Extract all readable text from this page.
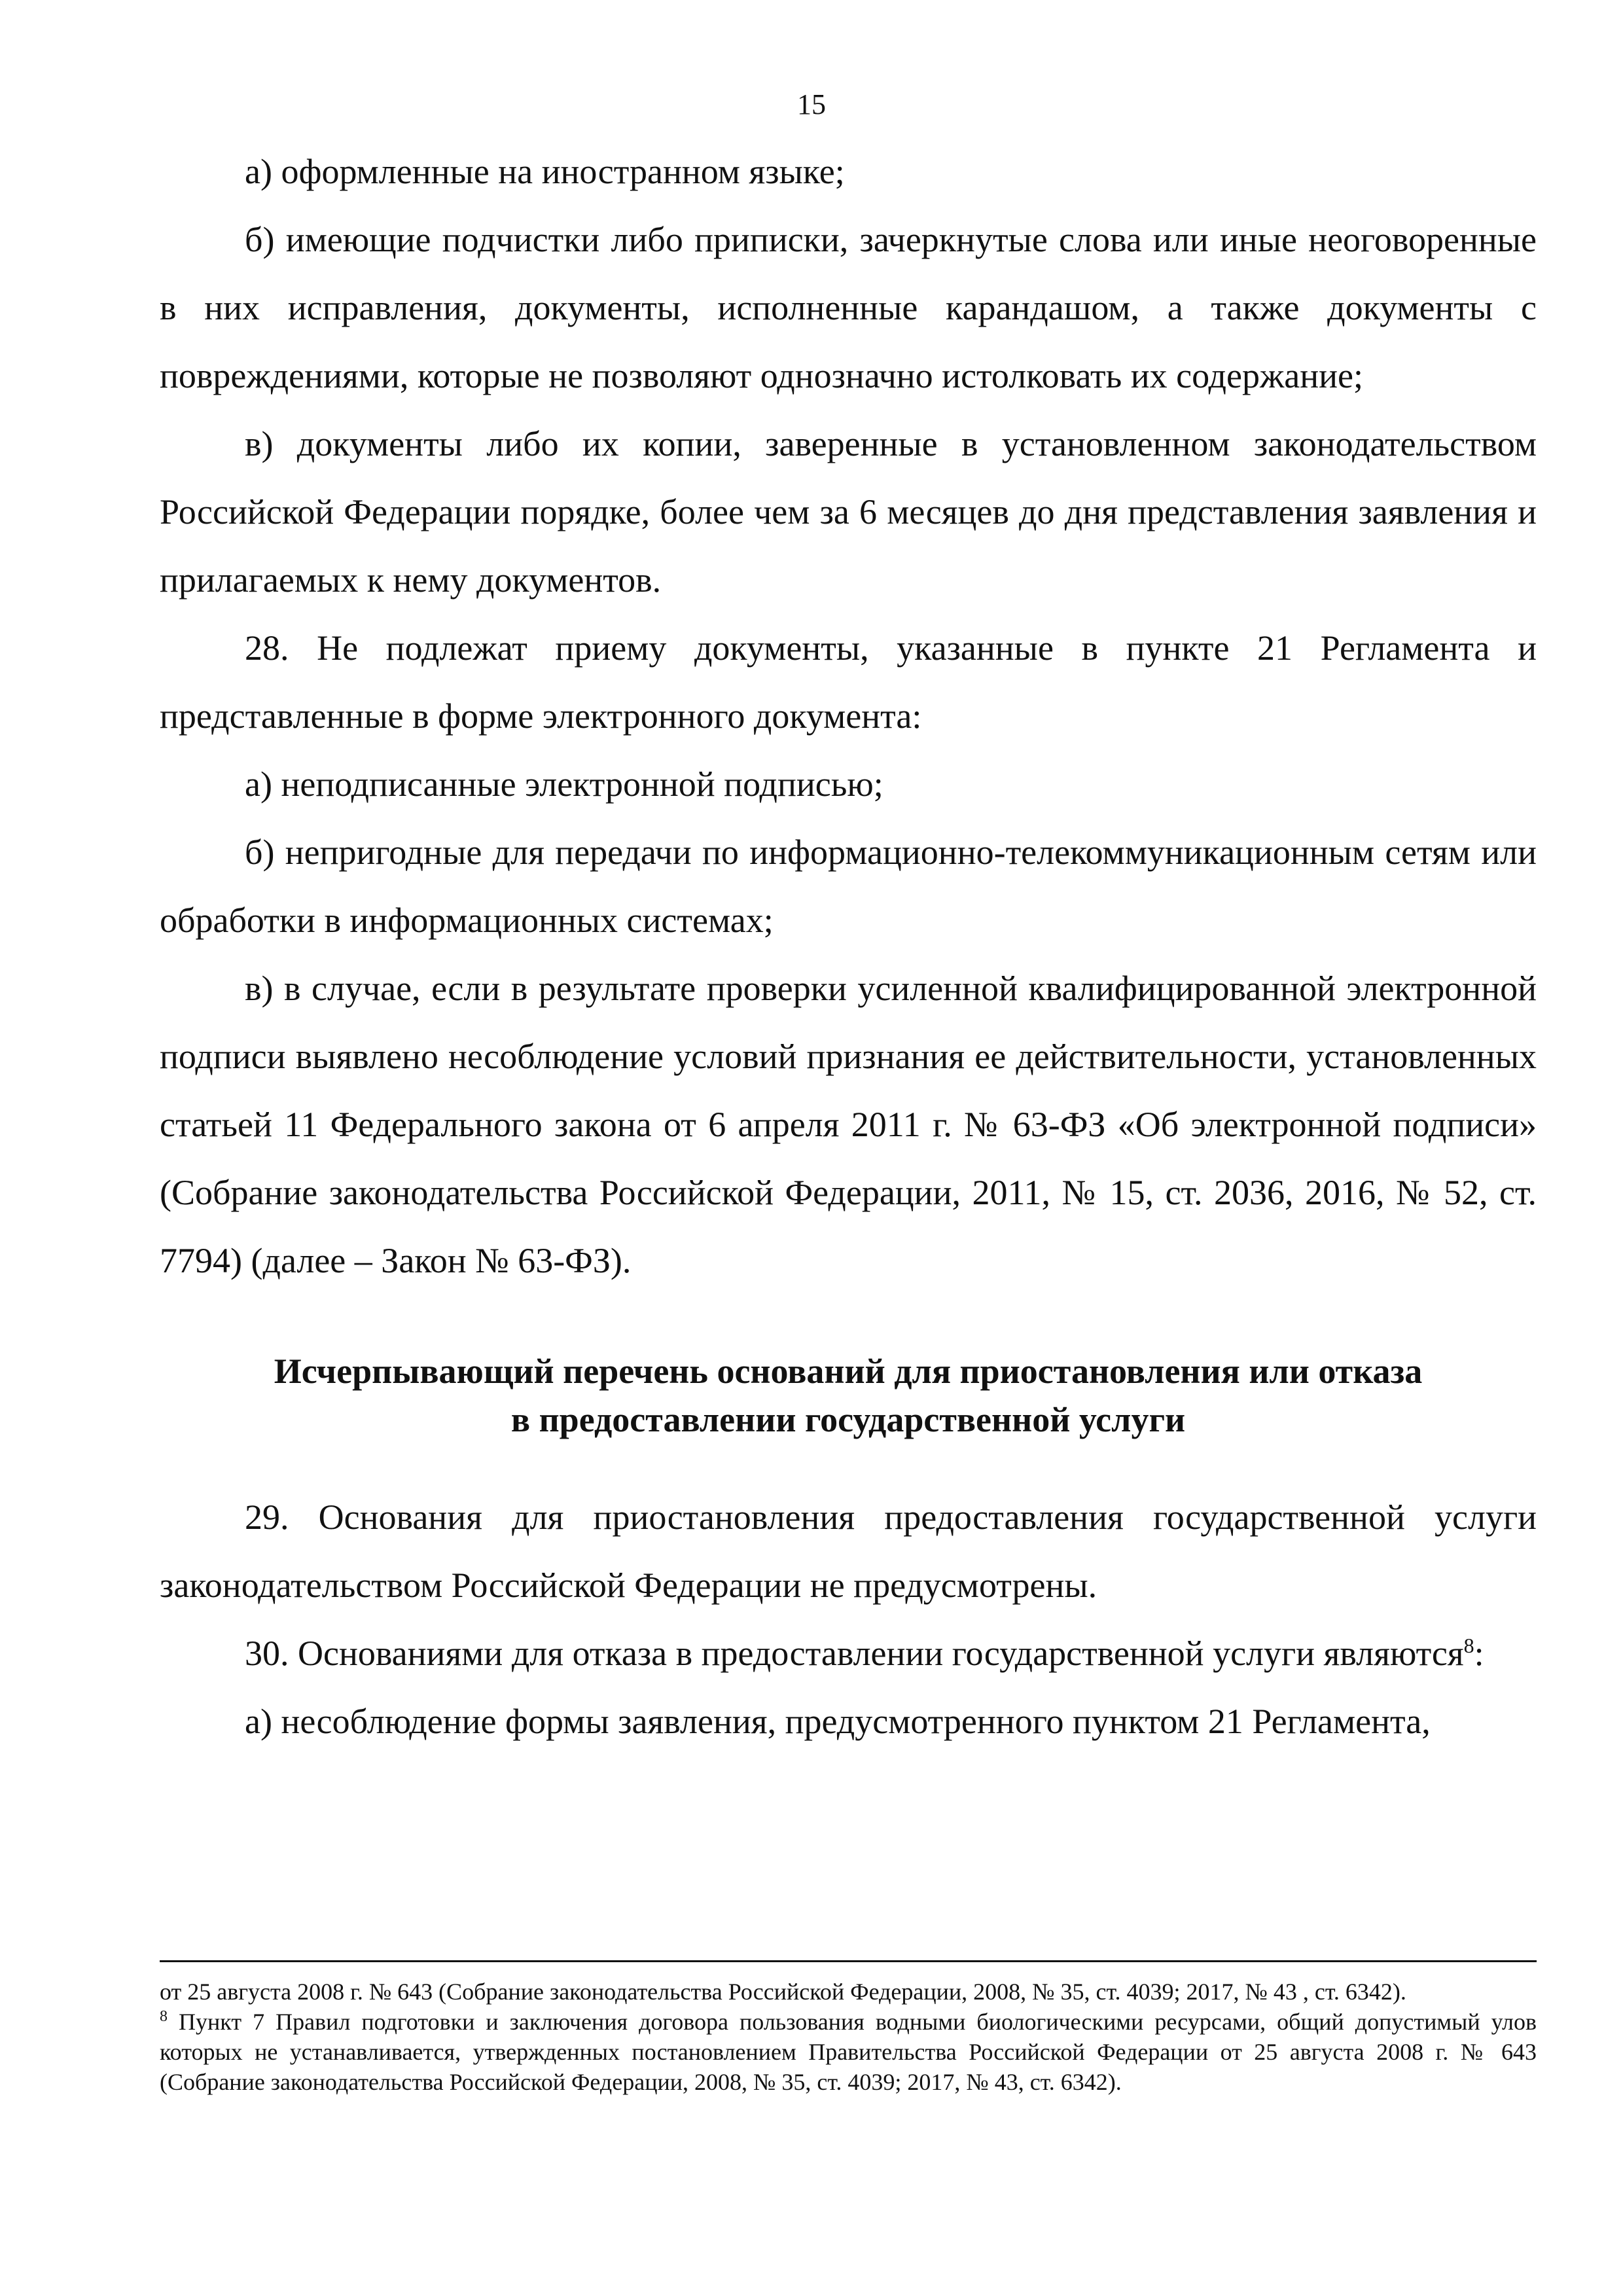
15

а) оформленные на иностранном языке;

б) имеющие подчистки либо приписки, зачеркнутые слова или иные неоговоренные в них исправления, документы, исполненные карандашом, а также документы с повреждениями, которые не позволяют однозначно истолковать их содержание;

в) документы либо их копии, заверенные в установленном законодательством Российской Федерации порядке, более чем за 6 месяцев до дня представления заявления и прилагаемых к нему документов.

28. Не подлежат приему документы, указанные в пункте 21 Регламента и представленные в форме электронного документа:

а) неподписанные электронной подписью;

б) непригодные для передачи по информационно-телекоммуникационным сетям или обработки в информационных системах;

в) в случае, если в результате проверки усиленной квалифицированной электронной подписи выявлено несоблюдение условий признания ее действительности, установленных статьей 11 Федерального закона от 6 апреля 2011 г. № 63-ФЗ «Об электронной подписи» (Собрание законодательства Российской Федерации, 2011, № 15, ст. 2036, 2016, № 52, ст. 7794) (далее – Закон № 63-ФЗ).

Исчерпывающий перечень оснований для приостановления или отказа
в предоставлении государственной услуги

29. Основания для приостановления предоставления государственной услуги законодательством Российской Федерации не предусмотрены.

30. Основаниями для отказа в предоставлении государственной услуги являются$^8$:

а) несоблюдение формы заявления, предусмотренного пунктом 21 Регламента,

от 25 августа 2008 г. № 643 (Собрание законодательства Российской Федерации, 2008, № 35, ст. 4039; 2017, № 43 , ст. 6342).

$^8$ Пункт 7 Правил подготовки и заключения договора пользования водными биологическими ресурсами, общий допустимый улов которых не устанавливается, утвержденных постановлением Правительства Российской Федерации от 25 августа 2008 г. № 643 (Собрание законодательства Российской Федерации, 2008, № 35, ст. 4039; 2017, № 43, ст. 6342).
